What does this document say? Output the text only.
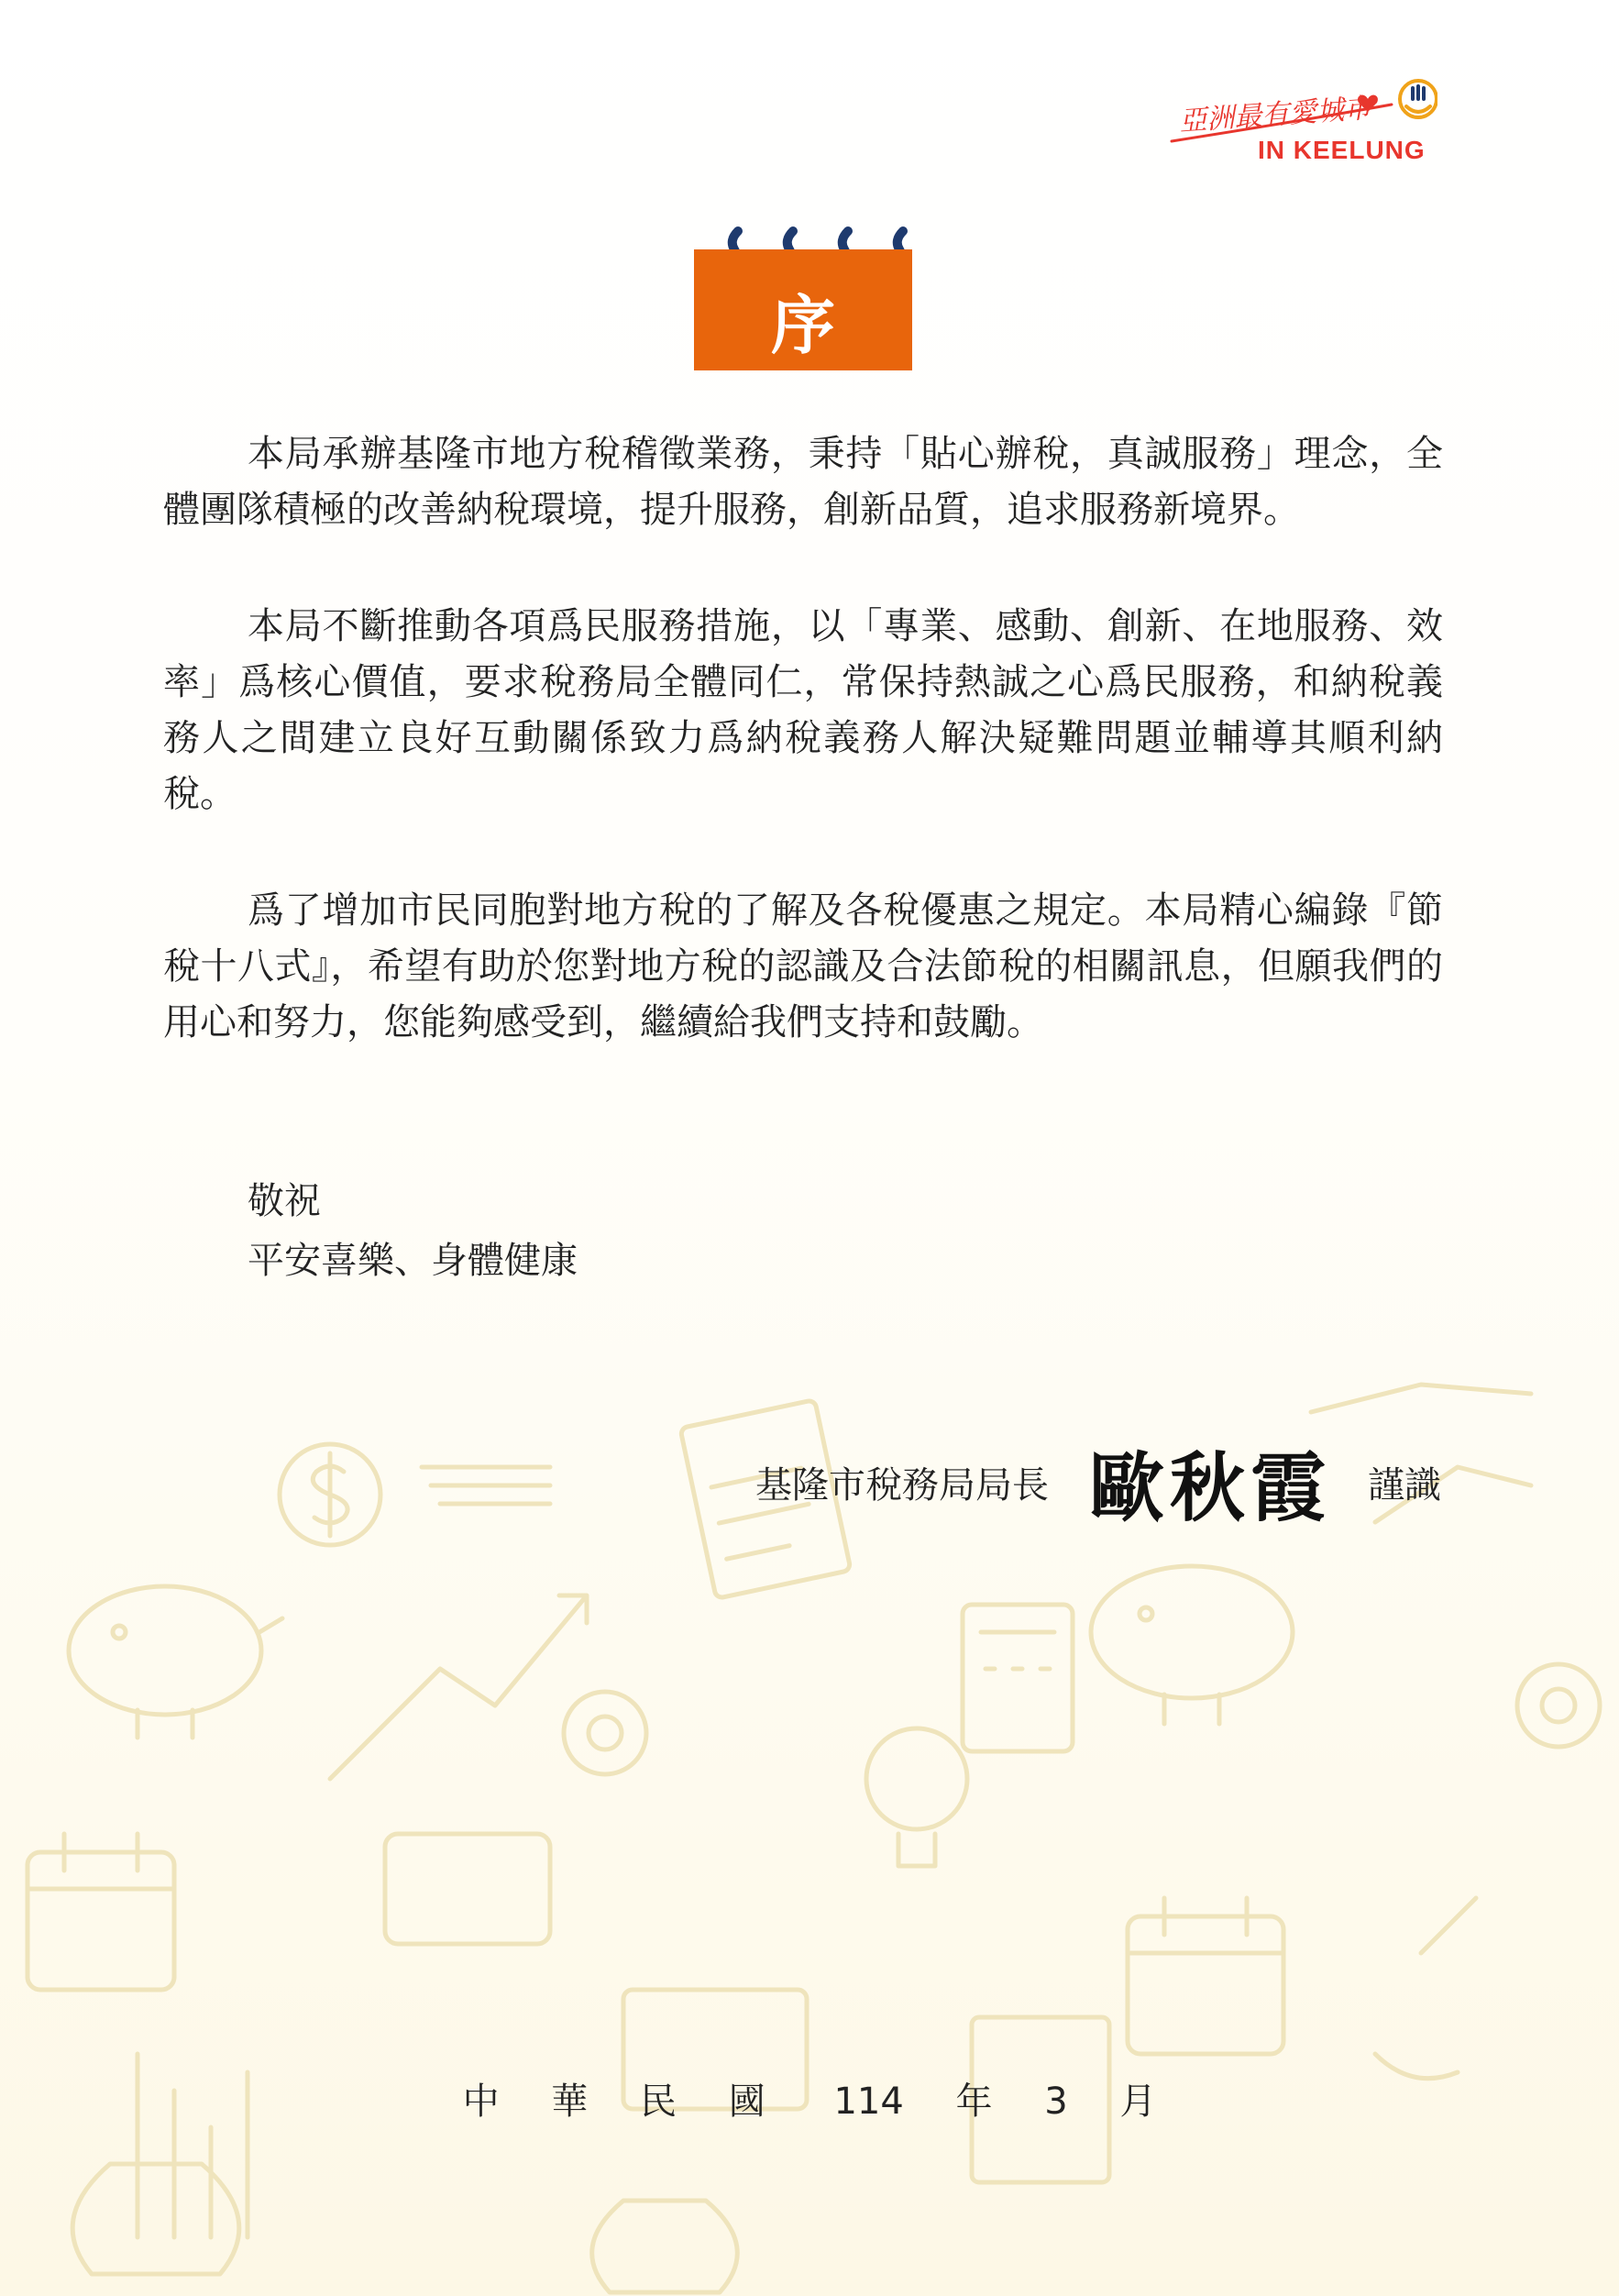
亞洲最有愛城市
IN KEELUNG
序

本局承辦基隆市地方稅稽徵業務，秉持「貼心辦稅，真誠服務」理念，全體團隊積極的改善納稅環境，提升服務，創新品質，追求服務新境界。

本局不斷推動各項爲民服務措施，以「專業、感動、創新、在地服務、效率」爲核心價值，要求稅務局全體同仁，常保持熱誠之心爲民服務，和納稅義務人之間建立良好互動關係致力爲納稅義務人解決疑難問題並輔導其順利納稅。

爲了增加市民同胞對地方稅的了解及各稅優惠之規定。本局精心編錄『節稅十八式』，希望有助於您對地方稅的認識及合法節稅的相關訊息，但願我們的用心和努力，您能夠感受到，繼續給我們支持和鼓勵。

敬祝
平安喜樂、身體健康
基隆市稅務局局長 歐秋霞 謹識
中 華 民 國 114 年 3 月
